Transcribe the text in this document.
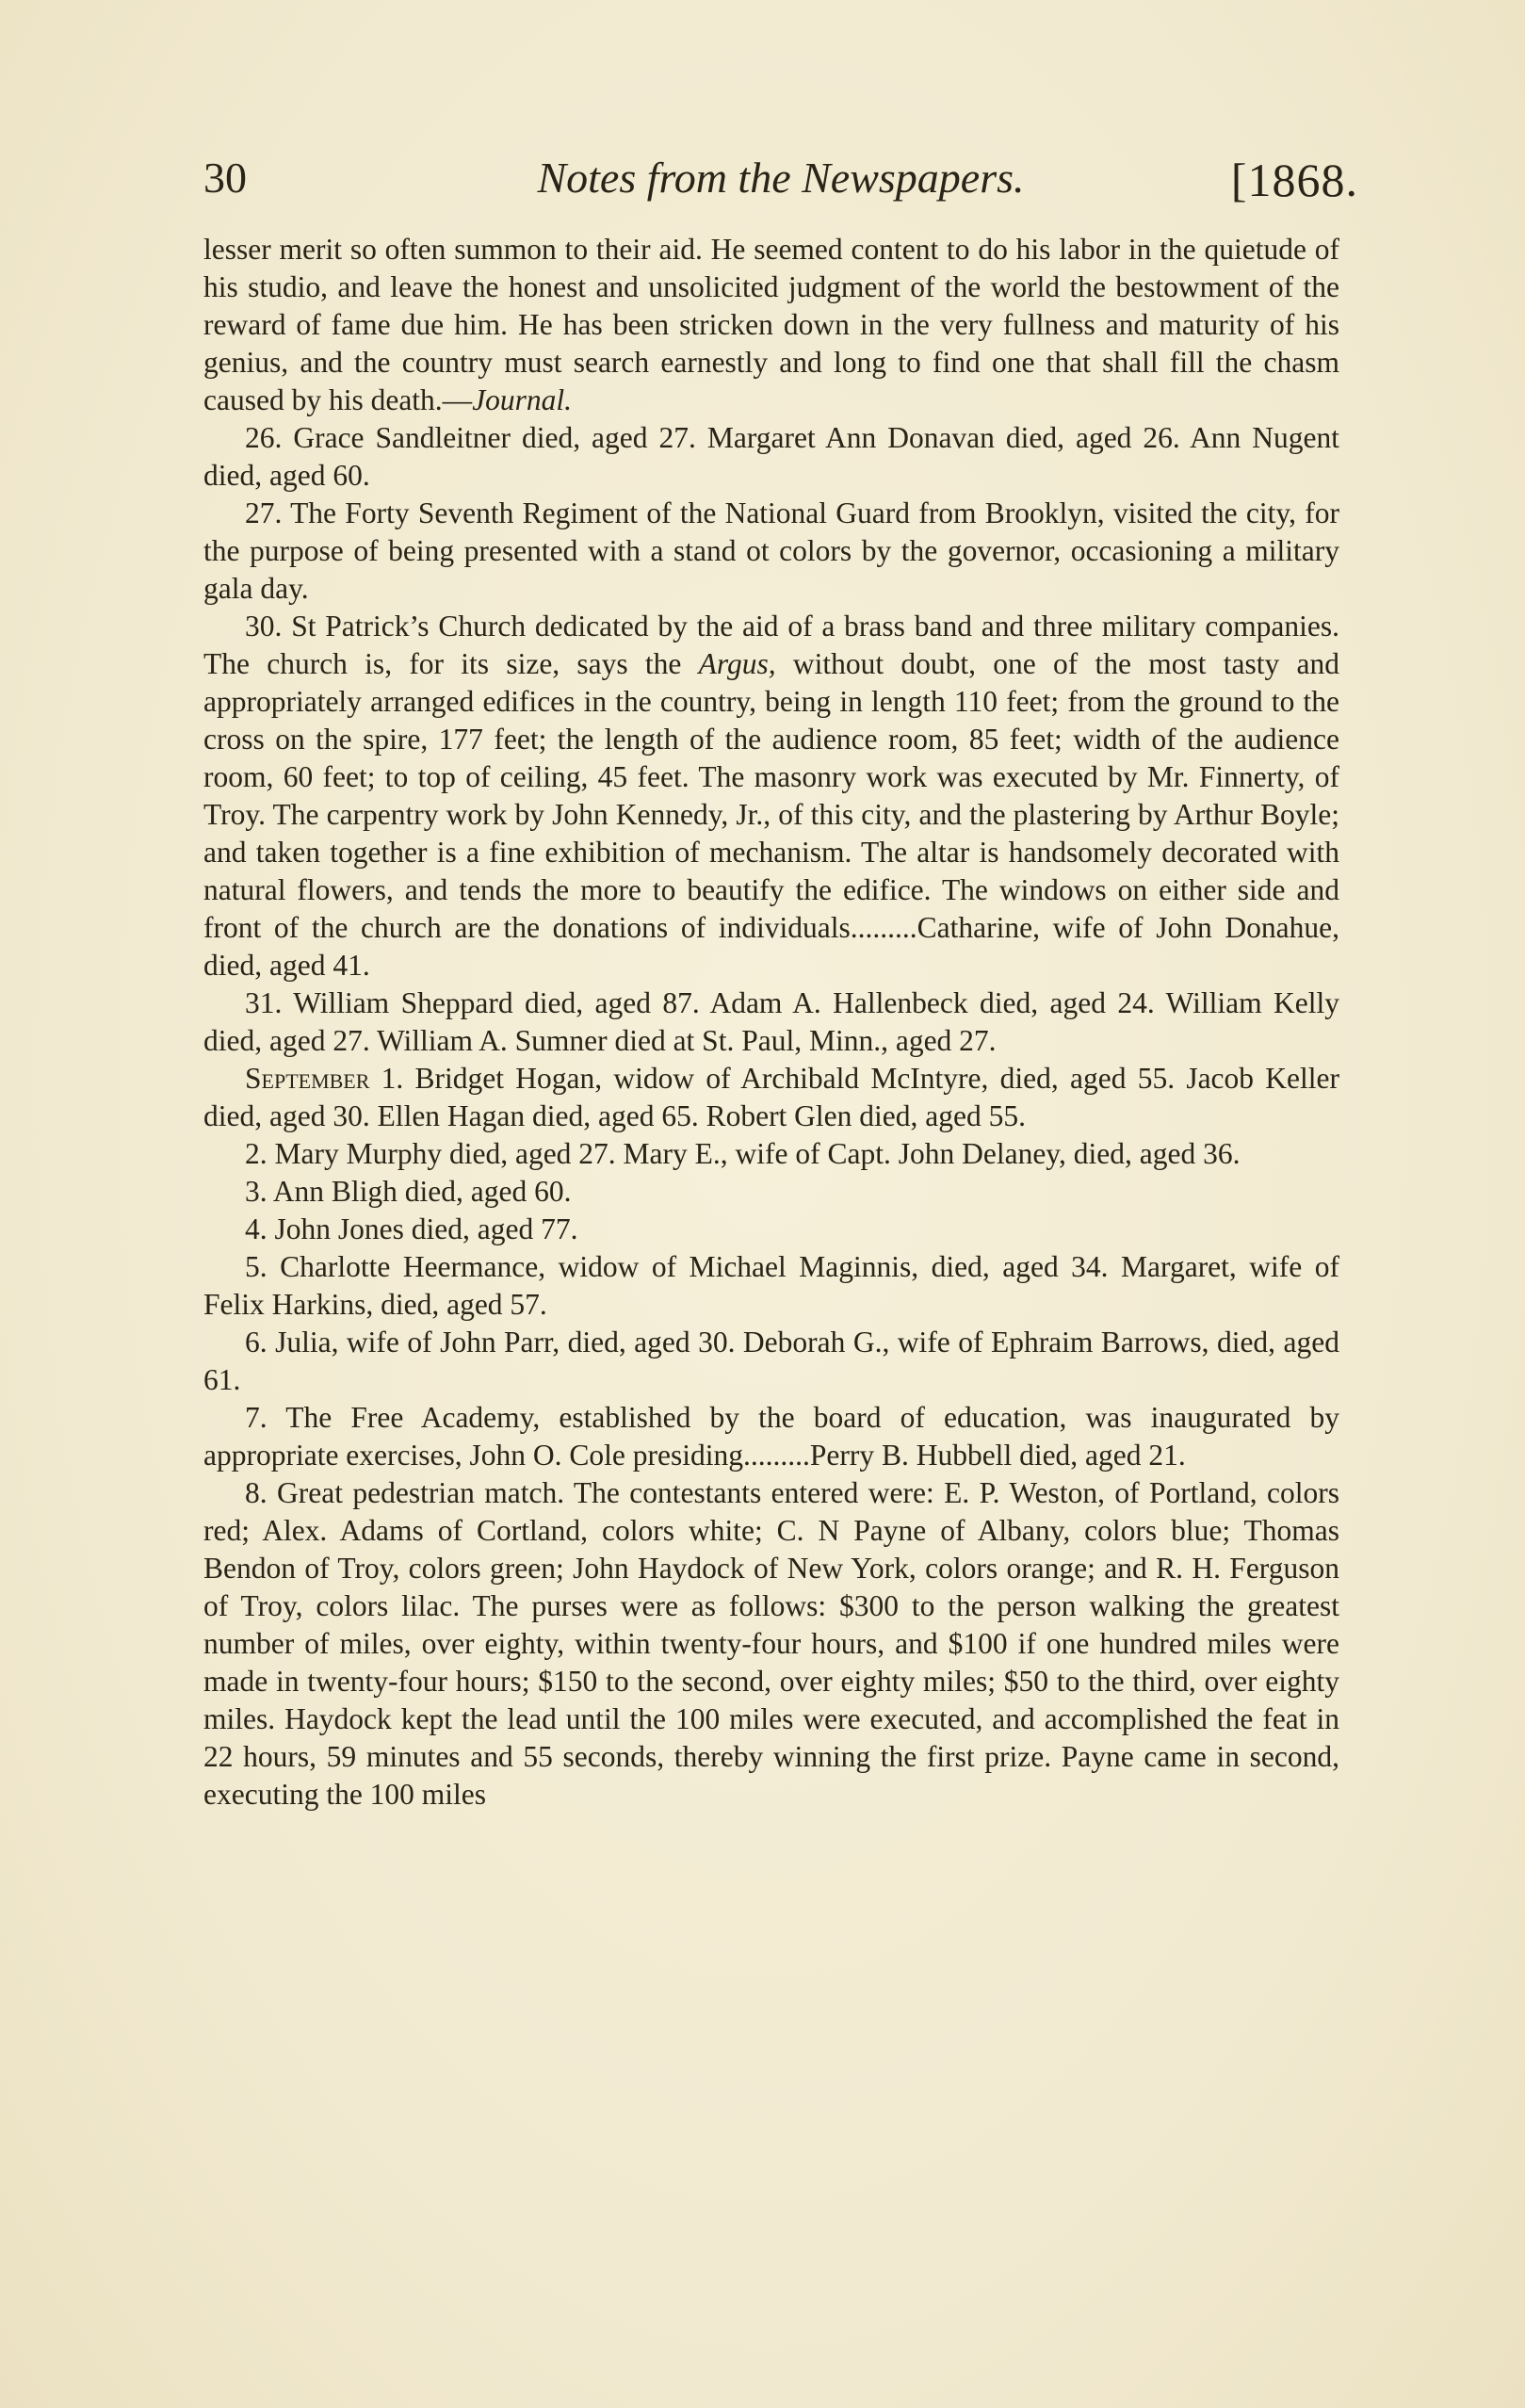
30	Notes from the Newspapers.	[1868.

lesser merit so often summon to their aid. He seemed content to do his labor in the quietude of his studio, and leave the honest and unsolicited judgment of the world the bestowment of the reward of fame due him. He has been stricken down in the very fullness and maturity of his genius, and the country must search earnestly and long to find one that shall fill the chasm caused by his death.—Journal.

26. Grace Sandleitner died, aged 27. Margaret Ann Donavan died, aged 26. Ann Nugent died, aged 60.

27. The Forty Seventh Regiment of the National Guard from Brooklyn, visited the city, for the purpose of being presented with a stand ot colors by the governor, occasioning a military gala day.

30. St Patrick’s Church dedicated by the aid of a brass band and three military companies. The church is, for its size, says the Argus, without doubt, one of the most tasty and appropriately arranged edifices in the country, being in length 110 feet; from the ground to the cross on the spire, 177 feet; the length of the audience room, 85 feet; width of the audience room, 60 feet; to top of ceiling, 45 feet. The masonry work was executed by Mr. Finnerty, of Troy. The carpentry work by John Kennedy, Jr., of this city, and the plastering by Arthur Boyle; and taken together is a fine exhibition of mechanism. The altar is handsomely decorated with natural flowers, and tends the more to beautify the edifice. The windows on either side and front of the church are the donations of individuals.........Catharine, wife of John Donahue, died, aged 41.

31. William Sheppard died, aged 87. Adam A. Hallenbeck died, aged 24. William Kelly died, aged 27. William A. Sumner died at St. Paul, Minn., aged 27.

September 1. Bridget Hogan, widow of Archibald McIntyre, died, aged 55. Jacob Keller died, aged 30. Ellen Hagan died, aged 65. Robert Glen died, aged 55.

2. Mary Murphy died, aged 27. Mary E., wife of Capt. John Delaney, died, aged 36.

3. Ann Bligh died, aged 60.

4. John Jones died, aged 77.

5. Charlotte Heermance, widow of Michael Maginnis, died, aged 34. Margaret, wife of Felix Harkins, died, aged 57.

6. Julia, wife of John Parr, died, aged 30. Deborah G., wife of Ephraim Barrows, died, aged 61.

7. The Free Academy, established by the board of education, was inaugurated by appropriate exercises, John O. Cole presiding.........Perry B. Hubbell died, aged 21.

8. Great pedestrian match. The contestants entered were: E. P. Weston, of Portland, colors red; Alex. Adams of Cortland, colors white; C. N Payne of Albany, colors blue; Thomas Bendon of Troy, colors green; John Haydock of New York, colors orange; and R. H. Ferguson of Troy, colors lilac. The purses were as follows: $300 to the person walking the greatest number of miles, over eighty, within twenty-four hours, and $100 if one hundred miles were made in twenty-four hours; $150 to the second, over eighty miles; $50 to the third, over eighty miles. Haydock kept the lead until the 100 miles were executed, and accomplished the feat in 22 hours, 59 minutes and 55 seconds, thereby winning the first prize. Payne came in second, executing the 100 miles
